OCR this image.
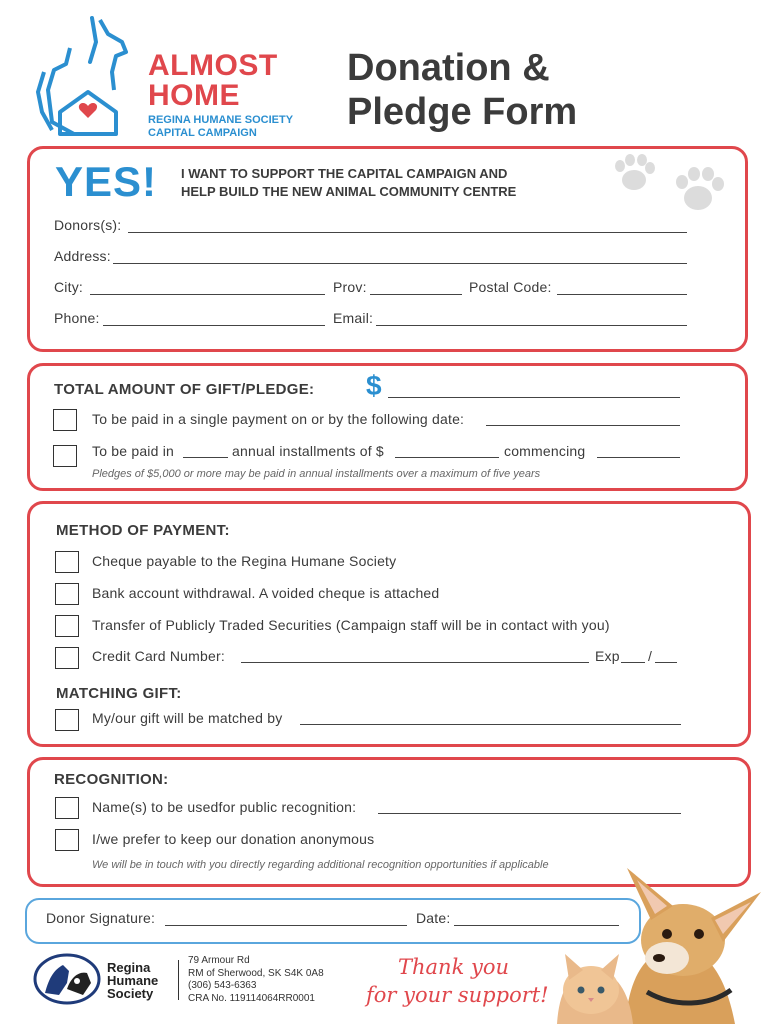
ALMOST
HOME
REGINA HUMANE SOCIETY
CAPITAL CAMPAIGN
Donation &
Pledge Form
YES! I WANT TO SUPPORT THE CAPITAL CAMPAIGN AND
HELP BUILD THE NEW ANIMAL COMMUNITY CENTRE
Donors(s):
Address:
City:	Prov:	Postal Code:
Phone:	Email:
TOTAL AMOUNT OF GIFT/PLEDGE: $
To be paid in a single payment on or by the following date:
To be paid in	annual installments of $	commencing
Pledges of $5,000 or more may be paid in annual installments over a maximum of five years
METHOD OF PAYMENT:
Cheque payable to the Regina Humane Society
Bank account withdrawal. A voided cheque is attached
Transfer of Publicly Traded Securities (Campaign staff will be in contact with you)
Credit Card Number:	Exp /
MATCHING GIFT:
My/our gift will be matched by
RECOGNITION:
Name(s) to be usedfor public recognition:
I/we prefer to keep our donation anonymous
We will be in touch with you directly regarding additional recognition opportunities if applicable
Donor Signature:	Date:
Regina
Humane
Society
79 Armour Rd
RM of Sherwood, SK S4K 0A8
(306) 543-6363
CRA No. 119114064RR0001
Thank you
for your support!
